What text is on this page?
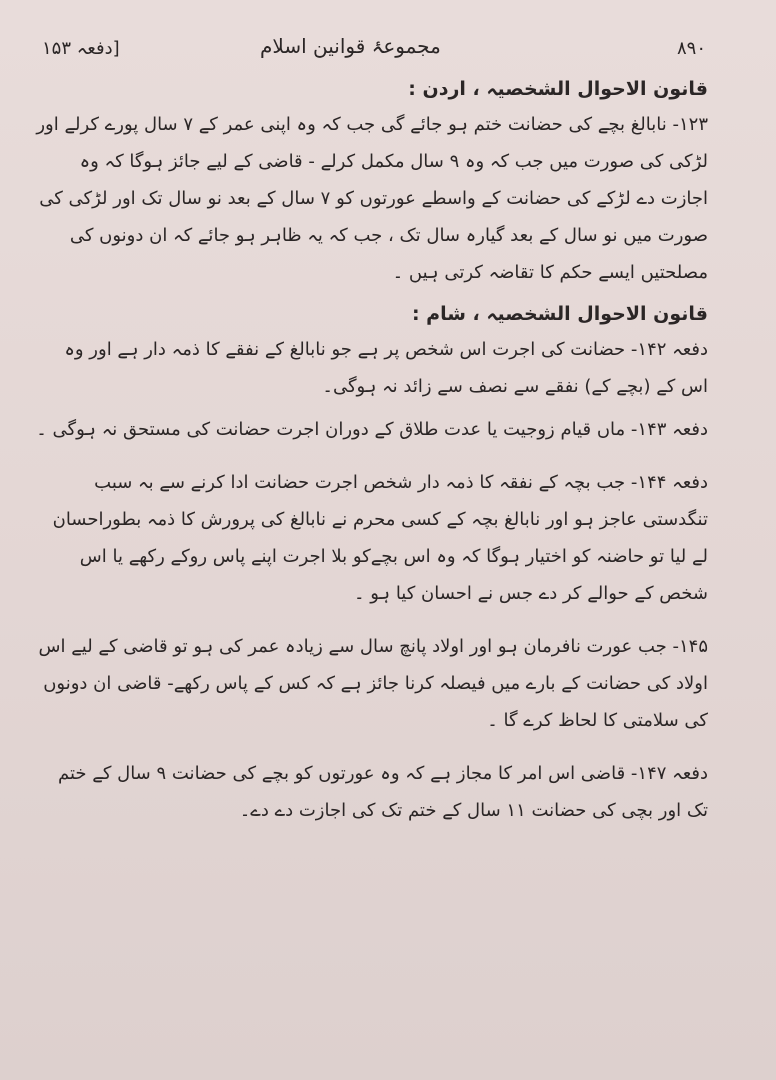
[دفعہ ۱۵۳	مجموعۂ قوانین اسلام	۸۹۰

قانون الاحوال الشخصیہ ، اردن :

۱۲۳- نابالغ بچے کی حضانت ختم ہو جائے گی جب کہ وہ اپنی عمر کے ۷ سال پورے کرلے اور لڑکی کی صورت میں جب کہ وہ ۹ سال مکمل کرلے - قاضی کے لیے جائز ہوگا کہ وہ اجازت دے لڑکے کی حضانت کے واسطے عورتوں کو ۷ سال کے بعد نو سال تک اور لڑکی کی صورت میں نو سال کے بعد گیارہ سال تک ، جب کہ یہ ظاہر ہو جائے کہ ان دونوں کی مصلحتیں ایسے حکم کا تقاضہ کرتی ہیں ۔

قانون الاحوال الشخصیہ ، شام :

دفعہ ۱۴۲- حضانت کی اجرت اس شخص پر ہے جو نابالغ کے نفقے کا ذمہ دار ہے اور وہ اس کے (بچے کے) نفقے سے نصف سے زائد نہ ہوگی۔

دفعہ ۱۴۳- ماں قیام زوجیت یا عدت طلاق کے دوران اجرت حضانت کی مستحق نہ ہوگی ۔

دفعہ ۱۴۴- جب بچہ کے نفقہ کا ذمہ دار شخص اجرت حضانت ادا کرنے سے بہ سبب تنگدستی عاجز ہو اور نابالغ بچہ کے کسی محرم نے نابالغ کی پرورش کا ذمہ بطوراحسان لے لیا تو حاضنہ کو اختیار ہوگا کہ وہ اس بچےکو بلا اجرت اپنے پاس روکے رکھے یا اس شخص کے حوالے کر دے جس نے احسان کیا ہو ۔

۱۴۵- جب عورت نافرمان ہو اور اولاد پانچ سال سے زیادہ عمر کی ہو تو قاضی کے لیے اس اولاد کی حضانت کے بارے میں فیصلہ کرنا جائز ہے کہ کس کے پاس رکھے- قاضی ان دونوں کی سلامتی کا لحاظ کرے گا ۔

دفعہ ۱۴۷- قاضی اس امر کا مجاز ہے کہ وہ عورتوں کو بچے کی حضانت ۹ سال کے ختم تک اور بچی کی حضانت ۱۱ سال کے ختم تک کی اجازت دے دے۔
